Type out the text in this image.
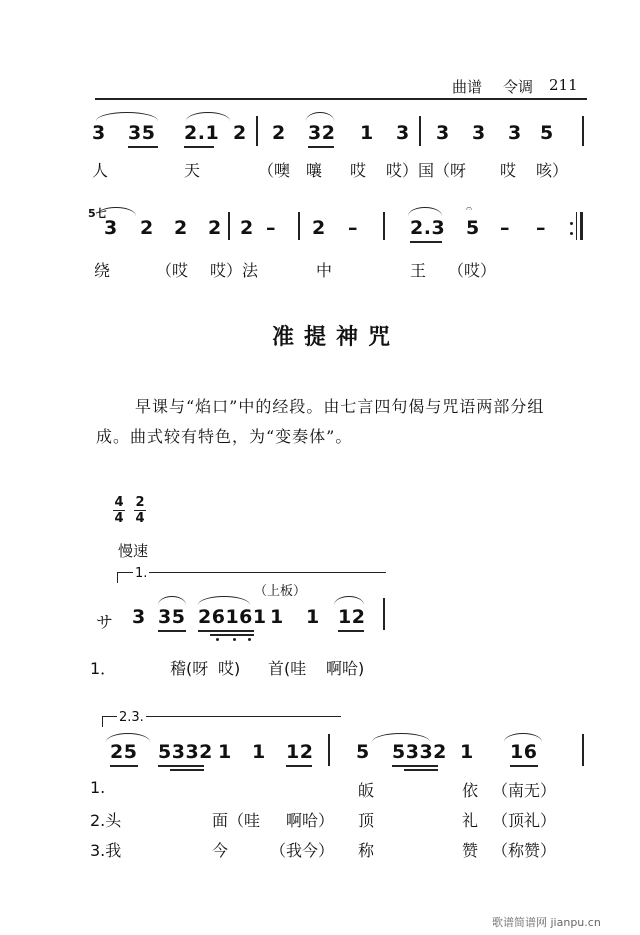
曲谱 令调 211
3 35 2.1 2 2 32 1 3 3 3 3 5
人	天	（噢 嚷 哎 哎） 国（呀 哎 咳）
5七
3 2 2 2 2 – 2 –	2.3
𝄐
5 – –
绕	（哎 哎）法	中	王 （哎）
准提神咒
早课与“焰口”中的经段。由七言四句偈与咒语两部分组
成。曲式较有特色，为“变奏体”。
4
4
2
4
慢速
1.
（上板）
サ 3 35 26161 1 1 12
1．	稽(呀 哎) 首(哇 啊哈)
2.3.
25 5332 1 1 12 5 5332 1 16
1.	皈	依 （南无）
2.头	面（哇 啊哈） 顶	礼 （顶礼）
3.我	今	（我今） 称	赞 （称赞）
歌谱简谱网 jianpu.cn
